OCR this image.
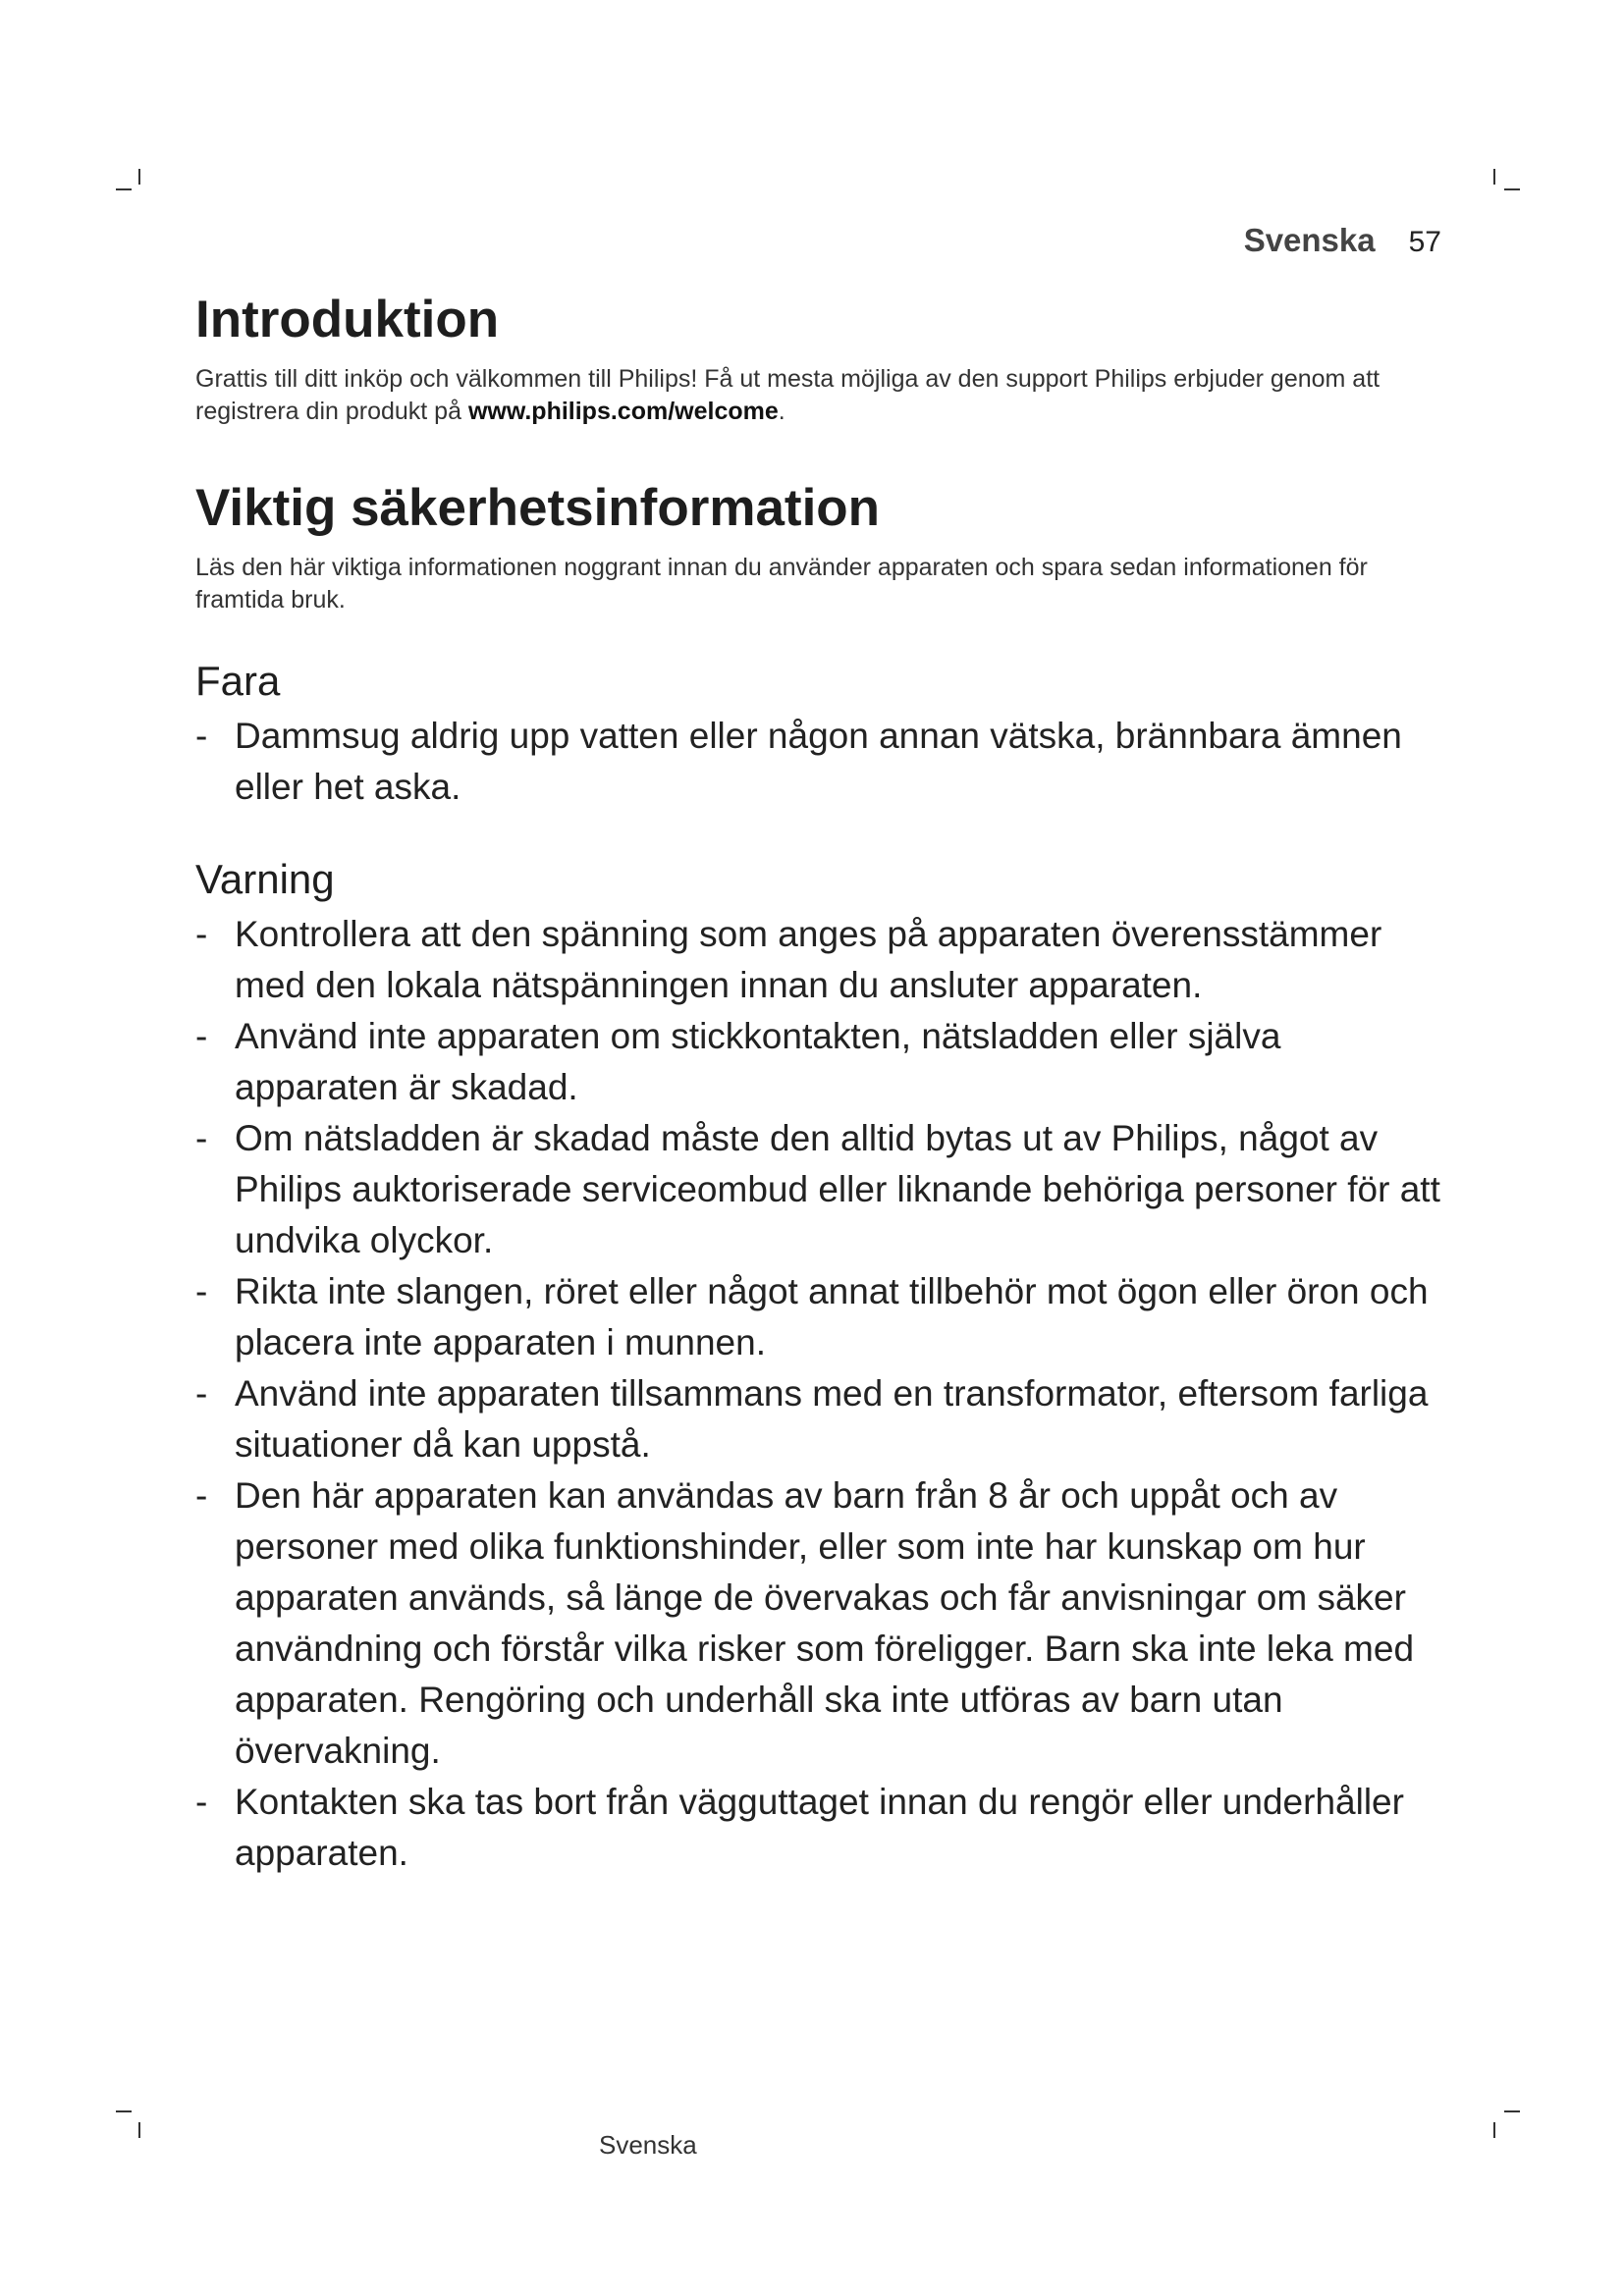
Svenska 57
Introduktion

Grattis till ditt inköp och välkommen till Philips! Få ut mesta möjliga av den support Philips erbjuder genom att registrera din produkt på www.philips.com/welcome.

Viktig säkerhetsinformation

Läs den här viktiga informationen noggrant innan du använder apparaten och spara sedan informationen för framtida bruk.

Fara
- Dammsug aldrig upp vatten eller någon annan vätska, brännbara ämnen eller het aska.
Varning
- Kontrollera att den spänning som anges på apparaten överensstämmer med den lokala nätspänningen innan du ansluter apparaten.
- Använd inte apparaten om stickkontakten, nätsladden eller själva apparaten är skadad.
- Om nätsladden är skadad måste den alltid bytas ut av Philips, något av Philips auktoriserade serviceombud eller liknande behöriga personer för att undvika olyckor.
- Rikta inte slangen, röret eller något annat tillbehör mot ögon eller öron och placera inte apparaten i munnen.
- Använd inte apparaten tillsammans med en transformator, eftersom farliga situationer då kan uppstå.
- Den här apparaten kan användas av barn från 8 år och uppåt och av personer med olika funktionshinder, eller som inte har kunskap om hur apparaten används, så länge de övervakas och får anvisningar om säker användning och förstår vilka risker som föreligger. Barn ska inte leka med apparaten. Rengöring och underhåll ska inte utföras av barn utan övervakning.
- Kontakten ska tas bort från vägguttaget innan du rengör eller underhåller apparaten.
Svenska
